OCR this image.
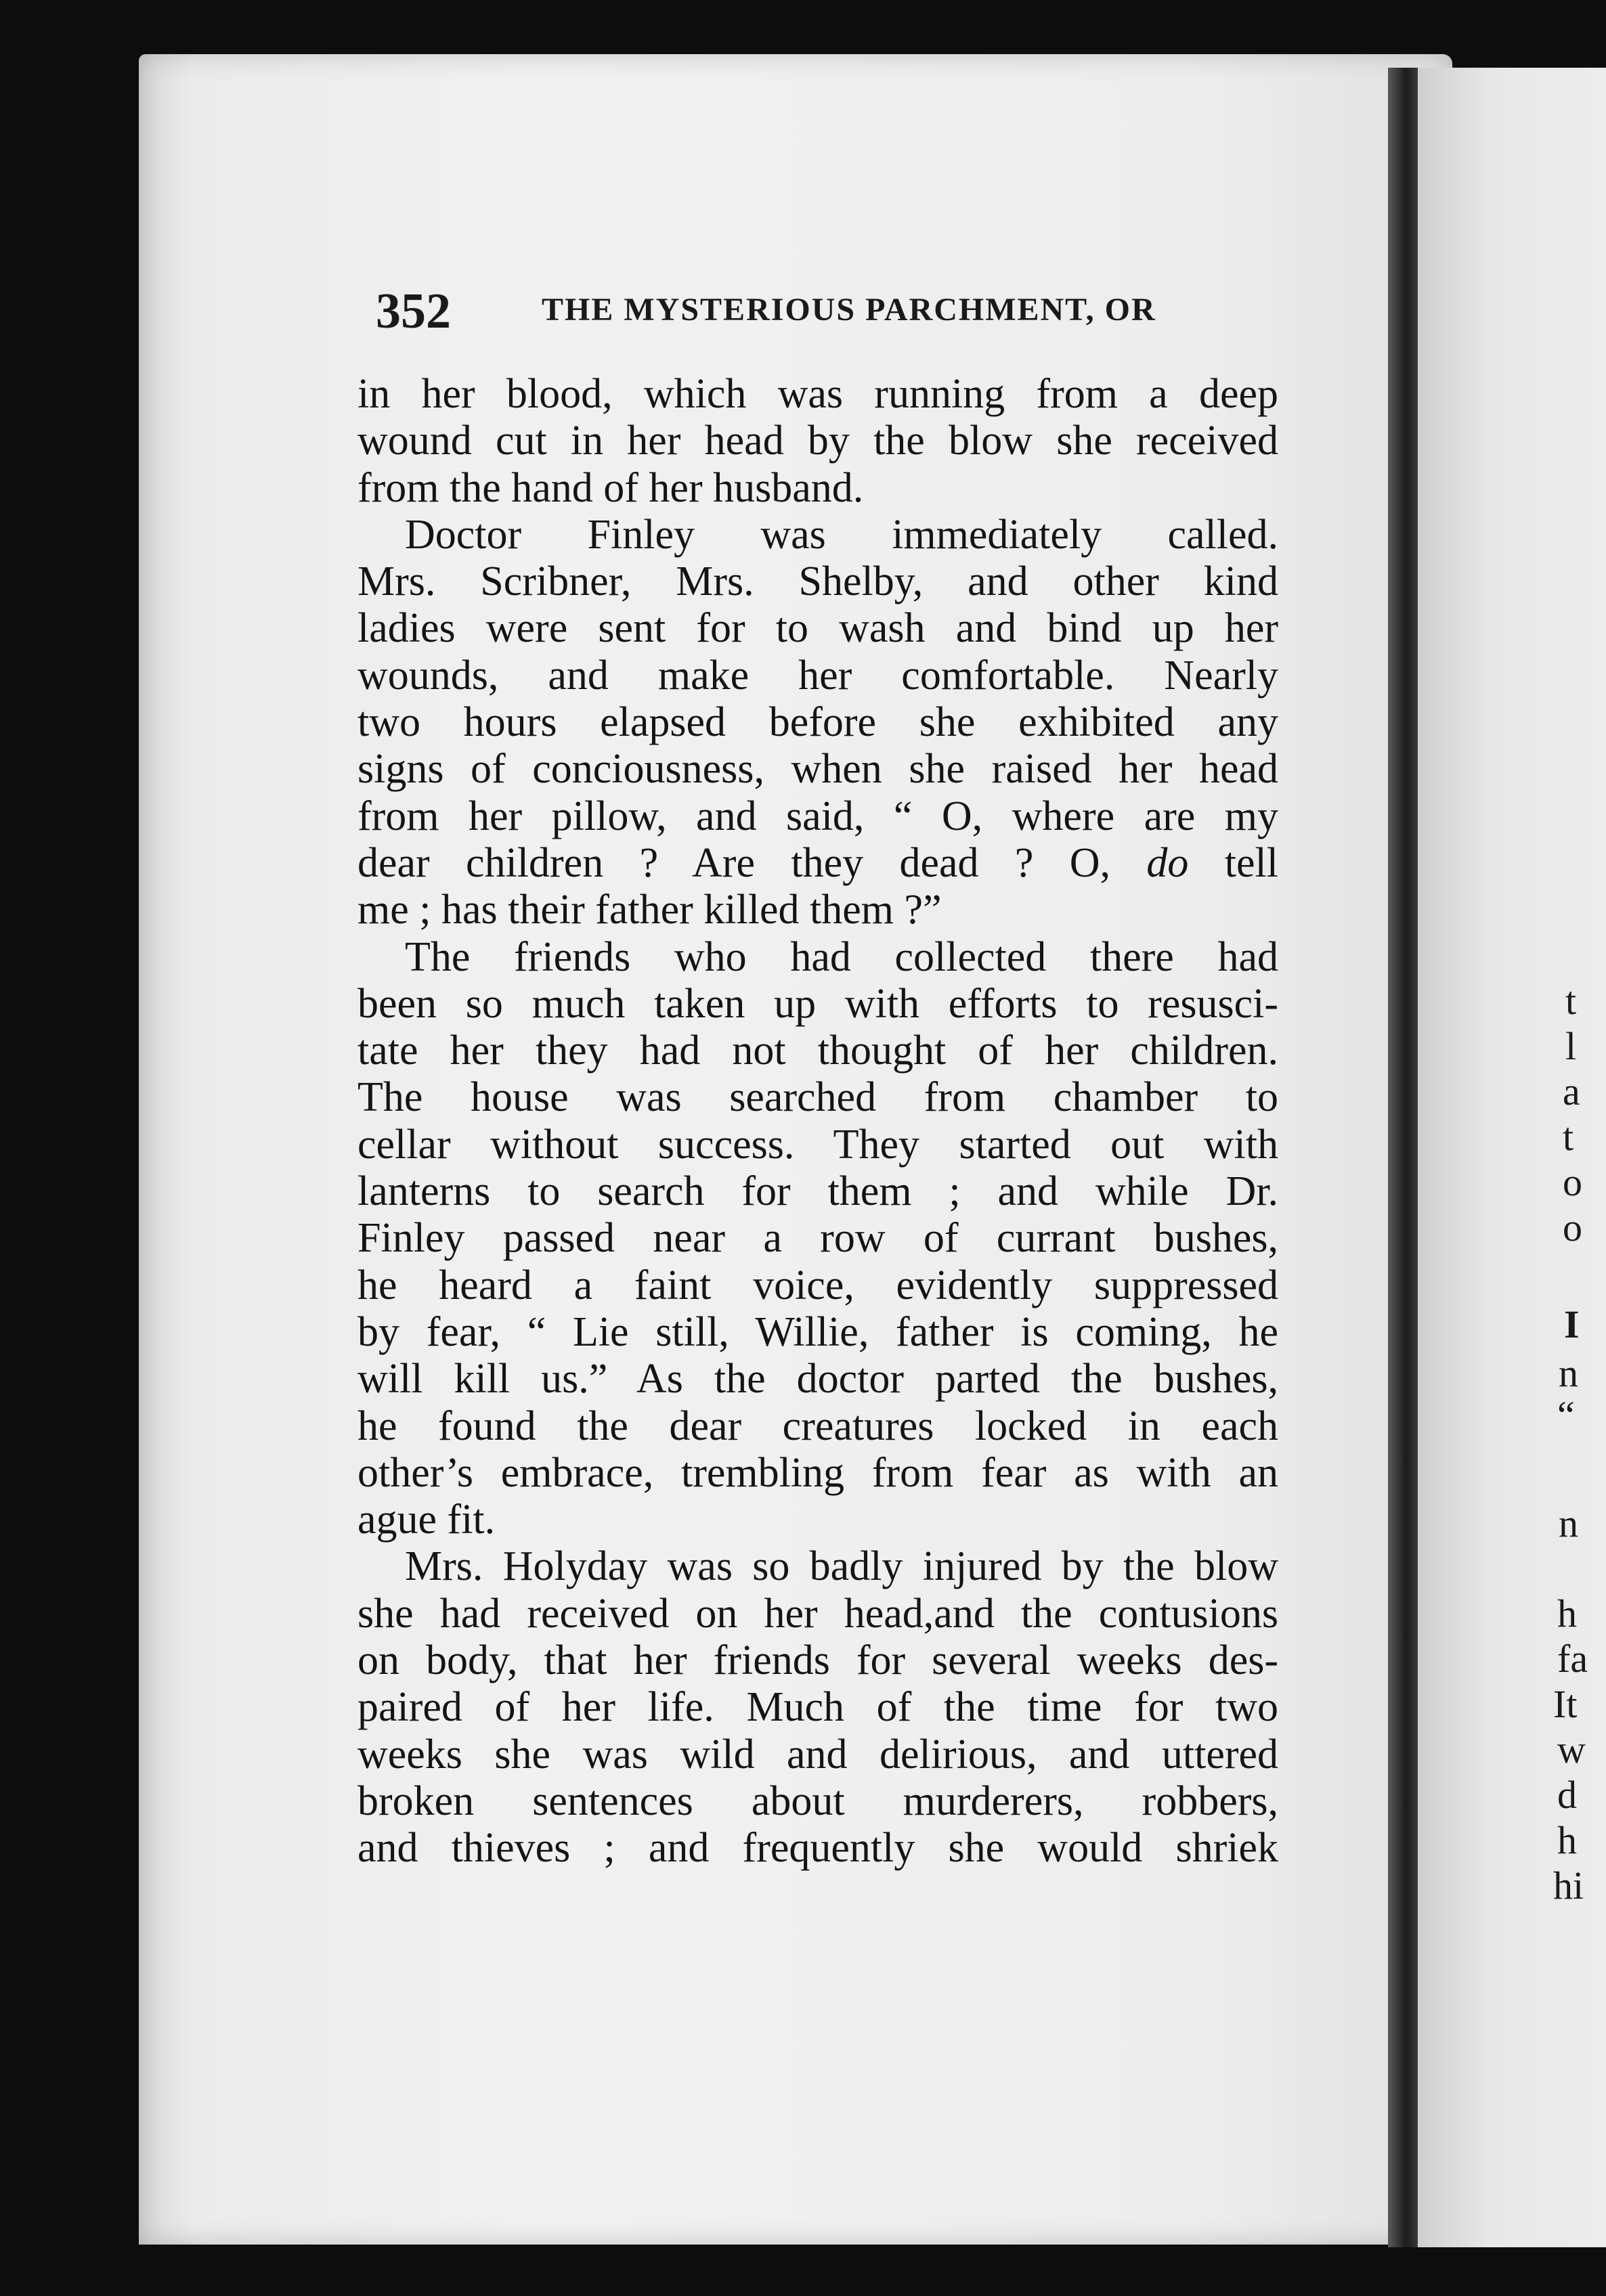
352	THE MYSTERIOUS PARCHMENT, OR
in her blood, which was running from a deep
wound cut in her head by the blow she received
from the hand of her husband.
Doctor Finley was immediately called.
Mrs. Scribner, Mrs. Shelby, and other kind
ladies were sent for to wash and bind up her
wounds, and make her comfortable. Nearly
two hours elapsed before she exhibited any
signs of conciousness, when she raised her head
from her pillow, and said, “ O, where are my
dear children ? Are they dead ? O, do tell
me ; has their father killed them ?”
The friends who had collected there had
been so much taken up with efforts to resusci-
tate her they had not thought of her children.
The house was searched from chamber to
cellar without success. They started out with
lanterns to search for them ; and while Dr.
Finley passed near a row of currant bushes,
he heard a faint voice, evidently suppressed
by fear, “ Lie still, Willie, father is coming, he
will kill us.” As the doctor parted the bushes,
he found the dear creatures locked in each
other’s embrace, trembling from fear as with an
ague fit.
Mrs. Holyday was so badly injured by the blow
she had received on her head,and the contusions
on body, that her friends for several weeks des-
paired of her life. Much of the time for two
weeks she was wild and delirious, and uttered
broken sentences about murderers, robbers,
and thieves ; and frequently she would shriek
t
l
a
t
o
o
I
n
“
n
h
fa
It
w
d
h
hi
